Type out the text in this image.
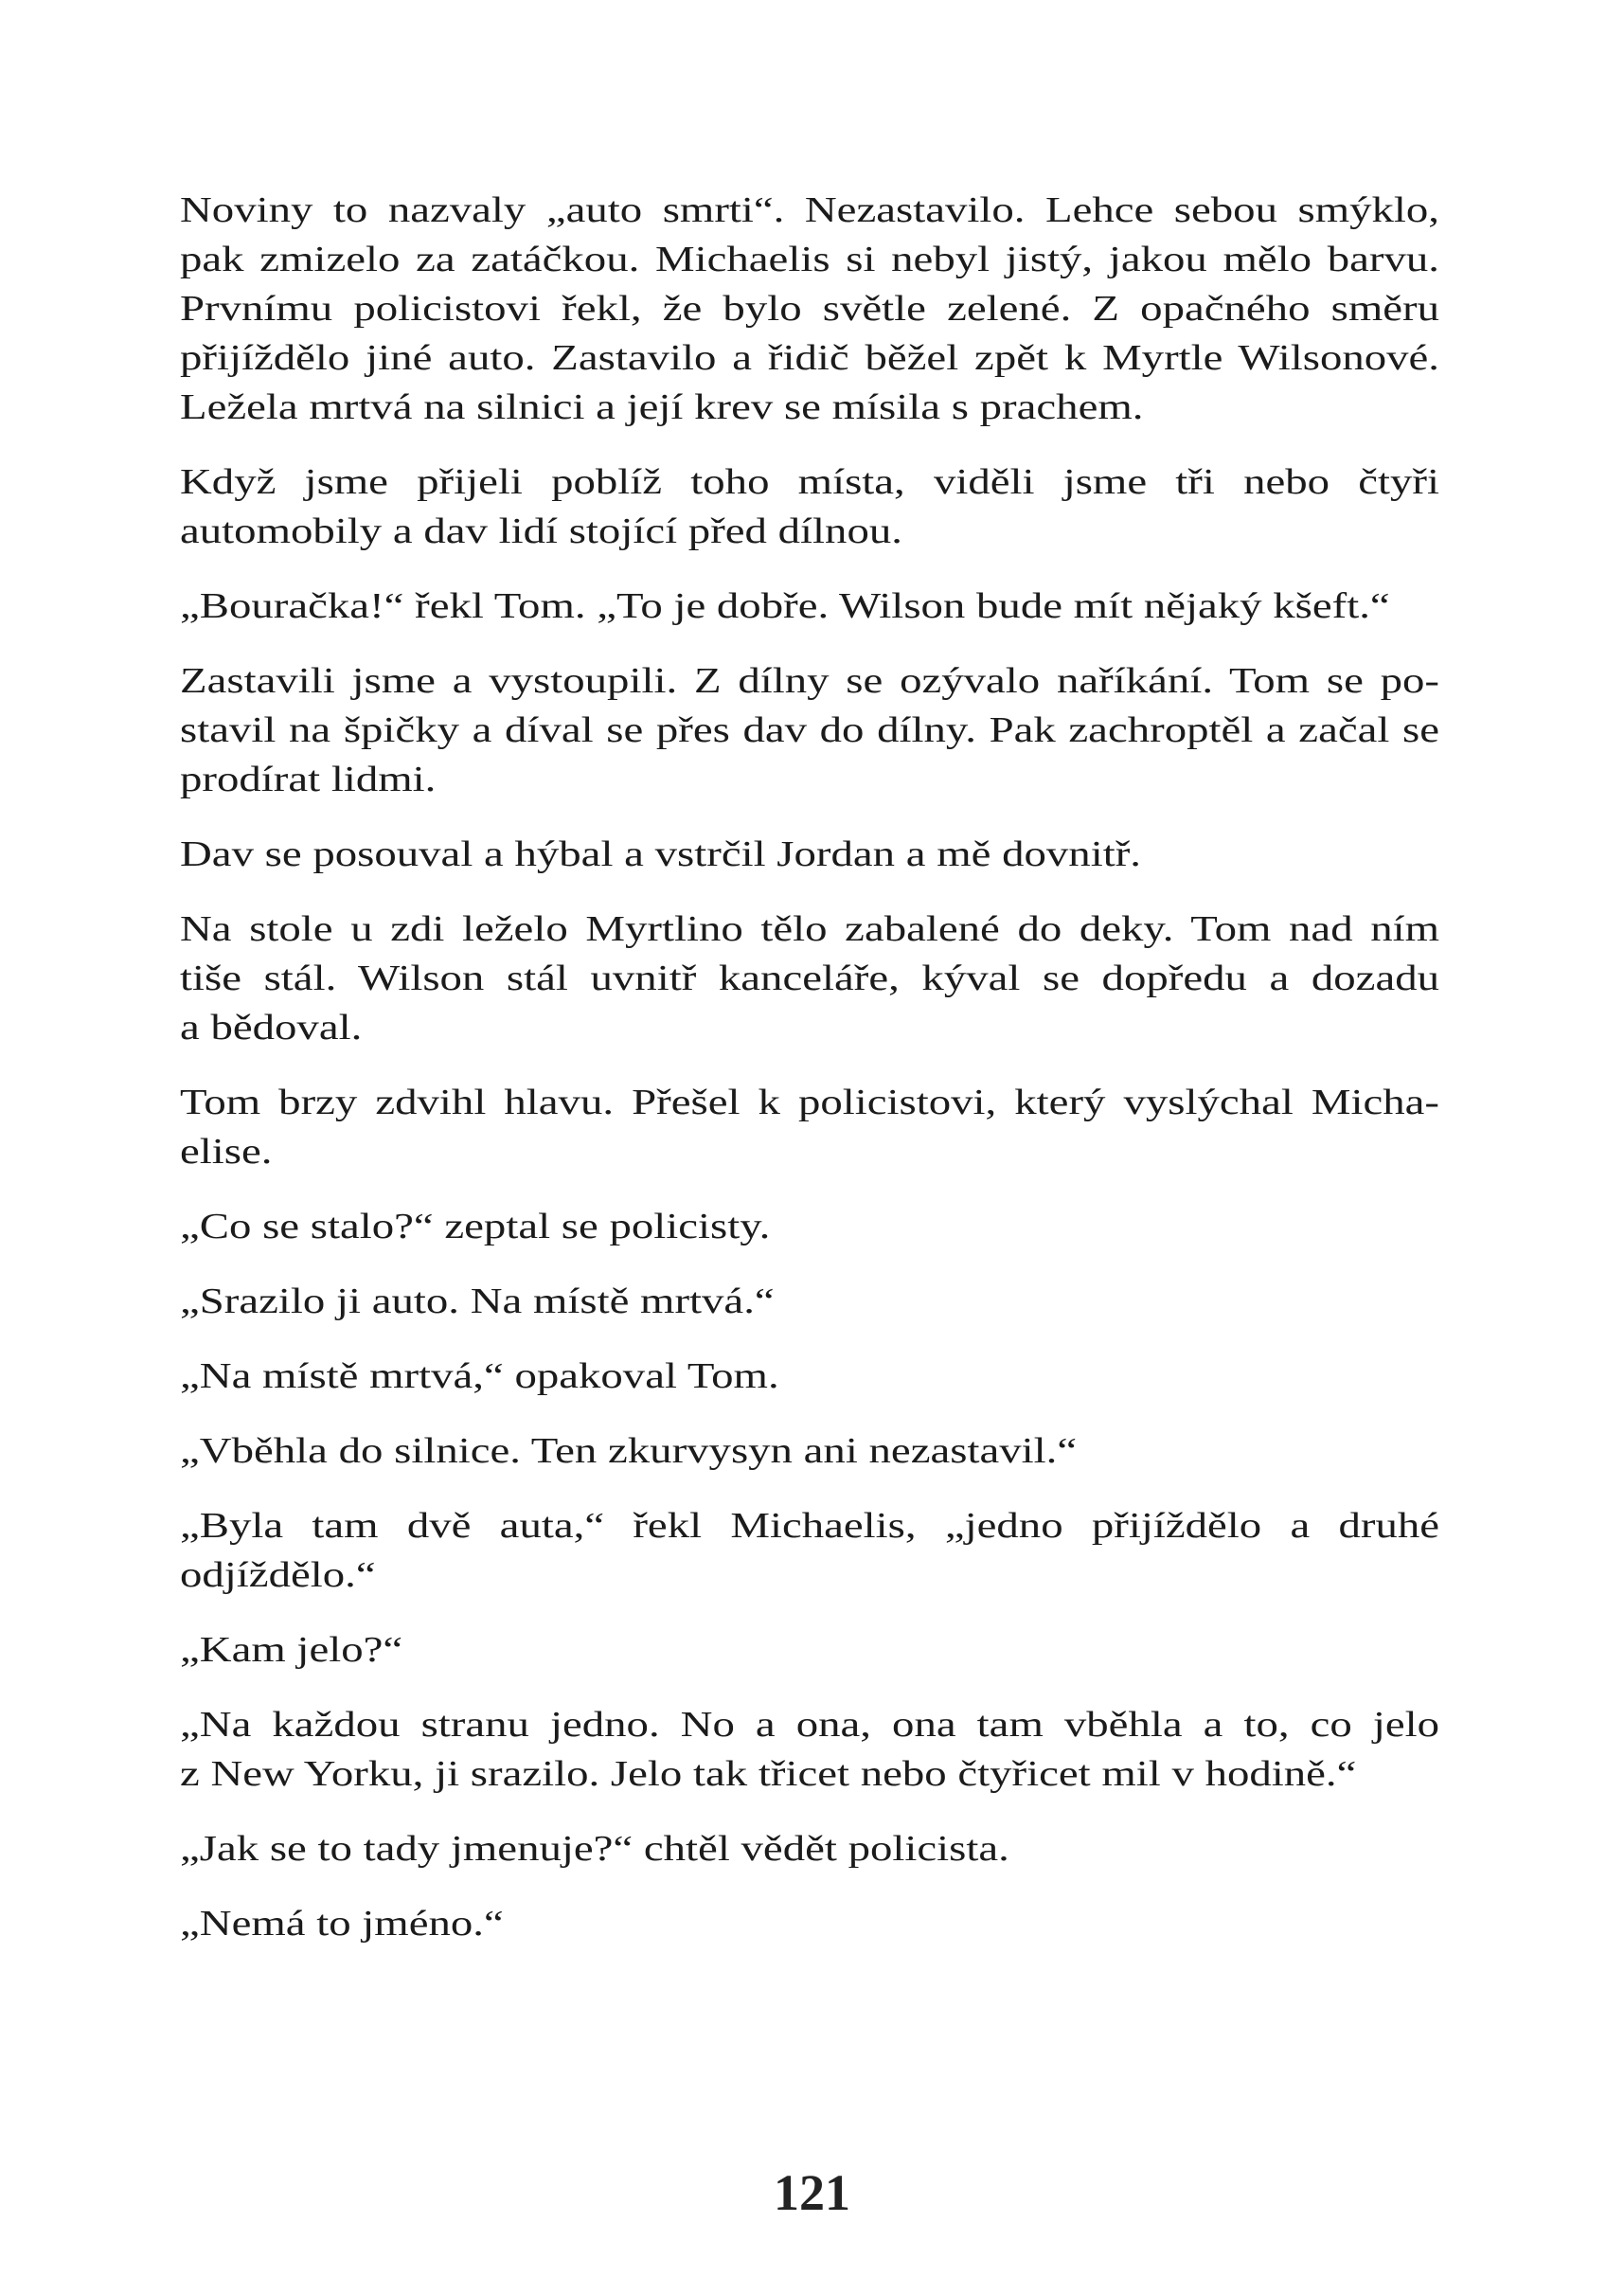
Noviny to nazvaly „auto smrti“. Nezastavilo. Lehce sebou smýklo,
pak zmizelo za zatáčkou. Michaelis si nebyl jistý, jakou mělo barvu.
Prvnímu policistovi řekl, že bylo světle zelené. Z opačného směru
přijíždělo jiné auto. Zastavilo a řidič běžel zpět k Myrtle Wilsonové.
Ležela mrtvá na silnici a její krev se mísila s prachem.
Když jsme přijeli poblíž toho místa, viděli jsme tři nebo čtyři
automobily a dav lidí stojící před dílnou.
„Bouračka!“ řekl Tom. „To je dobře. Wilson bude mít nějaký kšeft.“
Zastavili jsme a vystoupili. Z dílny se ozývalo naříkání. Tom se po-
stavil na špičky a díval se přes dav do dílny. Pak zachroptěl a začal se
prodírat lidmi.
Dav se posouval a hýbal a vstrčil Jordan a mě dovnitř.
Na stole u zdi leželo Myrtlino tělo zabalené do deky. Tom nad ním
tiše stál. Wilson stál uvnitř kanceláře, kýval se dopředu a dozadu
a bědoval.
Tom brzy zdvihl hlavu. Přešel k policistovi, který vyslýchal Micha-
elise.
„Co se stalo?“ zeptal se policisty.
„Srazilo ji auto. Na místě mrtvá.“
„Na místě mrtvá,“ opakoval Tom.
„Vběhla do silnice. Ten zkurvysyn ani nezastavil.“
„Byla tam dvě auta,“ řekl Michaelis, „jedno přijíždělo a druhé
odjíždělo.“
„Kam jelo?“
„Na každou stranu jedno. No a ona, ona tam vběhla a to, co jelo
z New Yorku, ji srazilo. Jelo tak třicet nebo čtyřicet mil v hodině.“
„Jak se to tady jmenuje?“ chtěl vědět policista.
„Nemá to jméno.“
121
